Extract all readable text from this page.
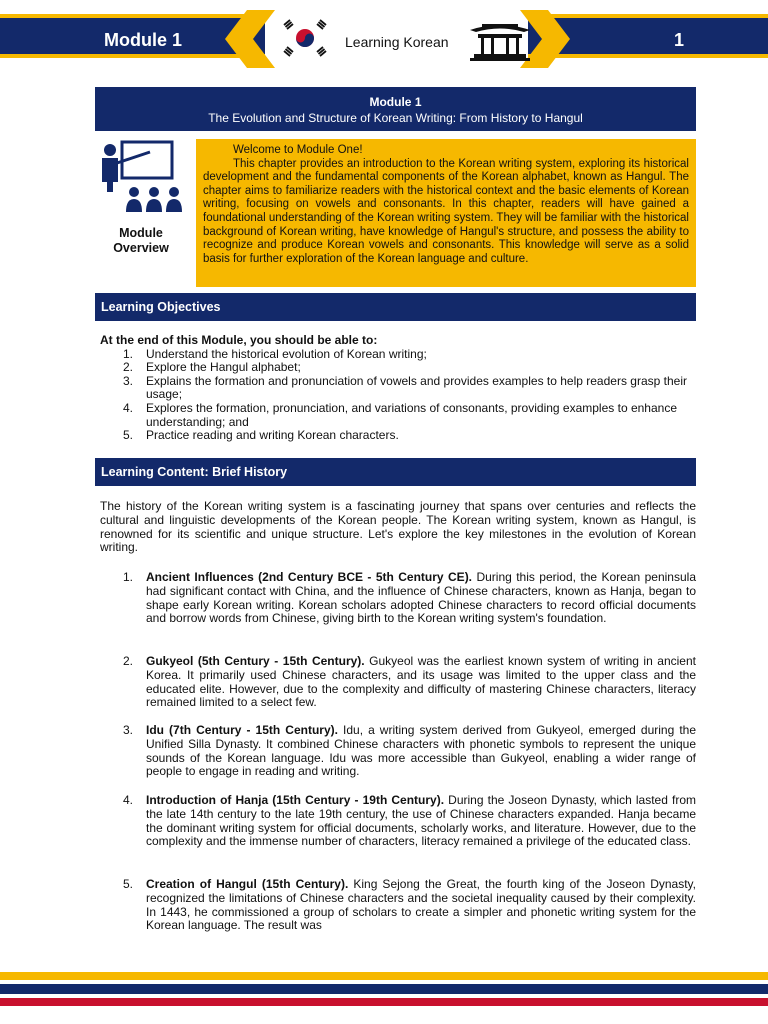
Module 1	1
Learning Korean
Module 1
The Evolution and Structure of Korean Writing: From History to Hangul
Module
Overview
Welcome to Module One!

This chapter provides an introduction to the Korean writing system, exploring its historical development and the fundamental components of the Korean alphabet, known as Hangul. The chapter aims to familiarize readers with the historical context and the basic elements of Korean writing, focusing on vowels and consonants. In this chapter, readers will have gained a foundational understanding of the Korean writing system. They will be familiar with the historical background of Korean writing, have knowledge of Hangul's structure, and possess the ability to recognize and produce Korean vowels and consonants. This knowledge will serve as a solid basis for further exploration of the Korean language and culture.

Learning Objectives
At the end of this Module, you should be able to:
1. Understand the historical evolution of Korean writing;
2. Explore the Hangul alphabet;
3. Explains the formation and pronunciation of vowels and provides examples to help readers grasp their usage;
4. Explores the formation, pronunciation, and variations of consonants, providing examples to enhance understanding; and
5. Practice reading and writing Korean characters.
Learning Content: Brief History

The history of the Korean writing system is a fascinating journey that spans over centuries and reflects the cultural and linguistic developments of the Korean people. The Korean writing system, known as Hangul, is renowned for its scientific and unique structure. Let's explore the key milestones in the evolution of Korean writing.

1. Ancient Influences (2nd Century BCE - 5th Century CE). During this period, the Korean peninsula had significant contact with China, and the influence of Chinese characters, known as Hanja, began to shape early Korean writing. Korean scholars adopted Chinese characters to record official documents and borrow words from Chinese, giving birth to the Korean writing system's foundation.
2. Gukyeol (5th Century - 15th Century). Gukyeol was the earliest known system of writing in ancient Korea. It primarily used Chinese characters, and its usage was limited to the upper class and the educated elite. However, due to the complexity and difficulty of mastering Chinese characters, literacy remained limited to a select few.
3. Idu (7th Century - 15th Century). Idu, a writing system derived from Gukyeol, emerged during the Unified Silla Dynasty. It combined Chinese characters with phonetic symbols to represent the unique sounds of the Korean language. Idu was more accessible than Gukyeol, enabling a wider range of people to engage in reading and writing.
4. Introduction of Hanja (15th Century - 19th Century). During the Joseon Dynasty, which lasted from the late 14th century to the late 19th century, the use of Chinese characters expanded. Hanja became the dominant writing system for official documents, scholarly works, and literature. However, due to the complexity and the immense number of characters, literacy remained a privilege of the educated class.
5. Creation of Hangul (15th Century). King Sejong the Great, the fourth king of the Joseon Dynasty, recognized the limitations of Chinese characters and the societal inequality caused by their complexity. In 1443, he commissioned a group of scholars to create a simpler and phonetic writing system for the Korean language. The result was
